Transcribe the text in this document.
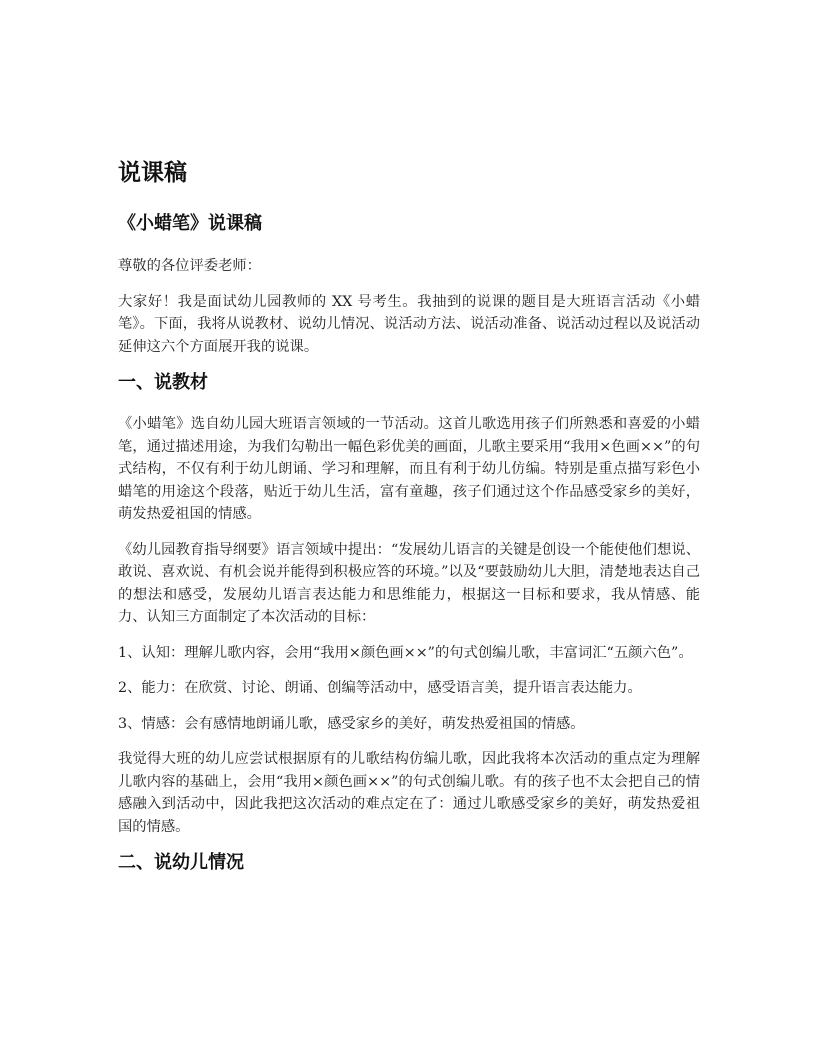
说课稿
《小蜡笔》说课稿

尊敬的各位评委老师：

大家好！我是面试幼儿园教师的 XX 号考生。我抽到的说课的题目是大班语言活动《小蜡笔》。下面，我将从说教材、说幼儿情况、说活动方法、说活动准备、说活动过程以及说活动延伸这六个方面展开我的说课。

一、说教材

《小蜡笔》选自幼儿园大班语言领域的一节活动。这首儿歌选用孩子们所熟悉和喜爱的小蜡笔，通过描述用途，为我们勾勒出一幅色彩优美的画面，儿歌主要采用“我用×色画××”的句式结构，不仅有利于幼儿朗诵、学习和理解，而且有利于幼儿仿编。特别是重点描写彩色小蜡笔的用途这个段落，贴近于幼儿生活，富有童趣，孩子们通过这个作品感受家乡的美好，萌发热爱祖国的情感。

《幼儿园教育指导纲要》语言领域中提出：“发展幼儿语言的关键是创设一个能使他们想说、敢说、喜欢说、有机会说并能得到积极应答的环境。”以及“要鼓励幼儿大胆，清楚地表达自己的想法和感受，发展幼儿语言表达能力和思维能力，根据这一目标和要求，我从情感、能力、认知三方面制定了本次活动的目标：

1、认知：理解儿歌内容，会用“我用×颜色画××”的句式创编儿歌，丰富词汇“五颜六色”。

2、能力：在欣赏、讨论、朗诵、创编等活动中，感受语言美，提升语言表达能力。

3、情感：会有感情地朗诵儿歌，感受家乡的美好，萌发热爱祖国的情感。

我觉得大班的幼儿应尝试根据原有的儿歌结构仿编儿歌，因此我将本次活动的重点定为理解儿歌内容的基础上，会用“我用×颜色画××”的句式创编儿歌。有的孩子也不太会把自己的情感融入到活动中，因此我把这次活动的难点定在了：通过儿歌感受家乡的美好，萌发热爱祖国的情感。

二、说幼儿情况
